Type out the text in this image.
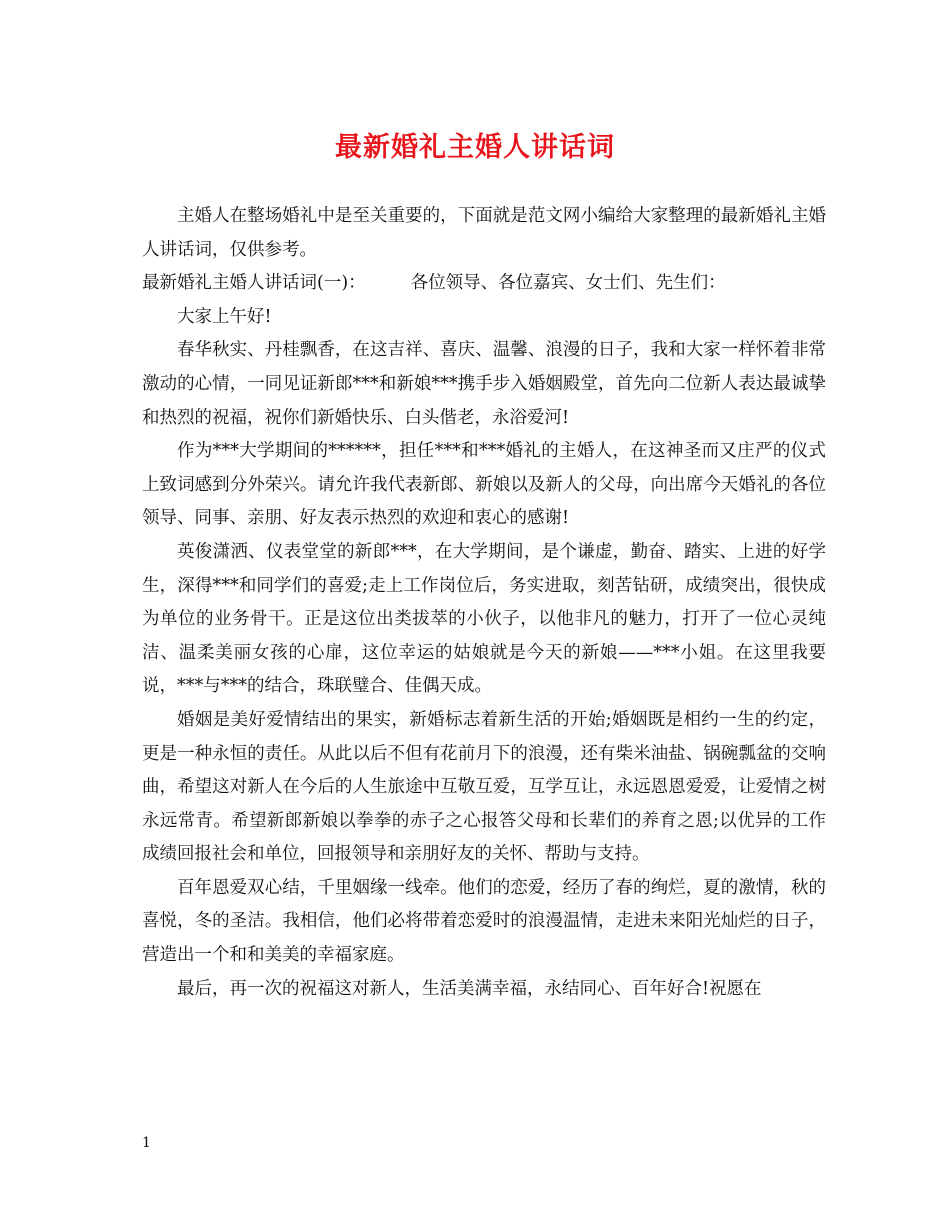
最新婚礼主婚人讲话词

主婚人在整场婚礼中是至关重要的，下面就是范文网小编给大家整理的最新婚礼主婚人讲话词，仅供参考。

最新婚礼主婚人讲话词(一)：	各位领导、各位嘉宾、女士们、先生们：

大家上午好!

春华秋实、丹桂飘香，在这吉祥、喜庆、温馨、浪漫的日子，我和大家一样怀着非常激动的心情，一同见证新郎***和新娘***携手步入婚姻殿堂，首先向二位新人表达最诚挚和热烈的祝福，祝你们新婚快乐、白头偕老，永浴爱河!

作为***大学期间的******，担任***和***婚礼的主婚人，在这神圣而又庄严的仪式上致词感到分外荣兴。请允许我代表新郎、新娘以及新人的父母，向出席今天婚礼的各位领导、同事、亲朋、好友表示热烈的欢迎和衷心的感谢!

英俊潇洒、仪表堂堂的新郎***，在大学期间，是个谦虚，勤奋、踏实、上进的好学生，深得***和同学们的喜爱;走上工作岗位后，务实进取，刻苦钻研，成绩突出，很快成为单位的业务骨干。正是这位出类拔萃的小伙子，以他非凡的魅力，打开了一位心灵纯洁、温柔美丽女孩的心扉，这位幸运的姑娘就是今天的新娘——***小姐。在这里我要说，***与***的结合，珠联璧合、佳偶天成。

婚姻是美好爱情结出的果实，新婚标志着新生活的开始;婚姻既是相约一生的约定，更是一种永恒的责任。从此以后不但有花前月下的浪漫，还有柴米油盐、锅碗瓢盆的交响曲，希望这对新人在今后的人生旅途中互敬互爱，互学互让，永远恩恩爱爱，让爱情之树永远常青。希望新郎新娘以拳拳的赤子之心报答父母和长辈们的养育之恩;以优异的工作成绩回报社会和单位，回报领导和亲朋好友的关怀、帮助与支持。

百年恩爱双心结，千里姻缘一线牵。他们的恋爱，经历了春的绚烂，夏的激情，秋的喜悦，冬的圣洁。我相信，他们必将带着恋爱时的浪漫温情，走进未来阳光灿烂的日子，营造出一个和和美美的幸福家庭。

最后，再一次的祝福这对新人，生活美满幸福，永结同心、百年好合!祝愿在

1
